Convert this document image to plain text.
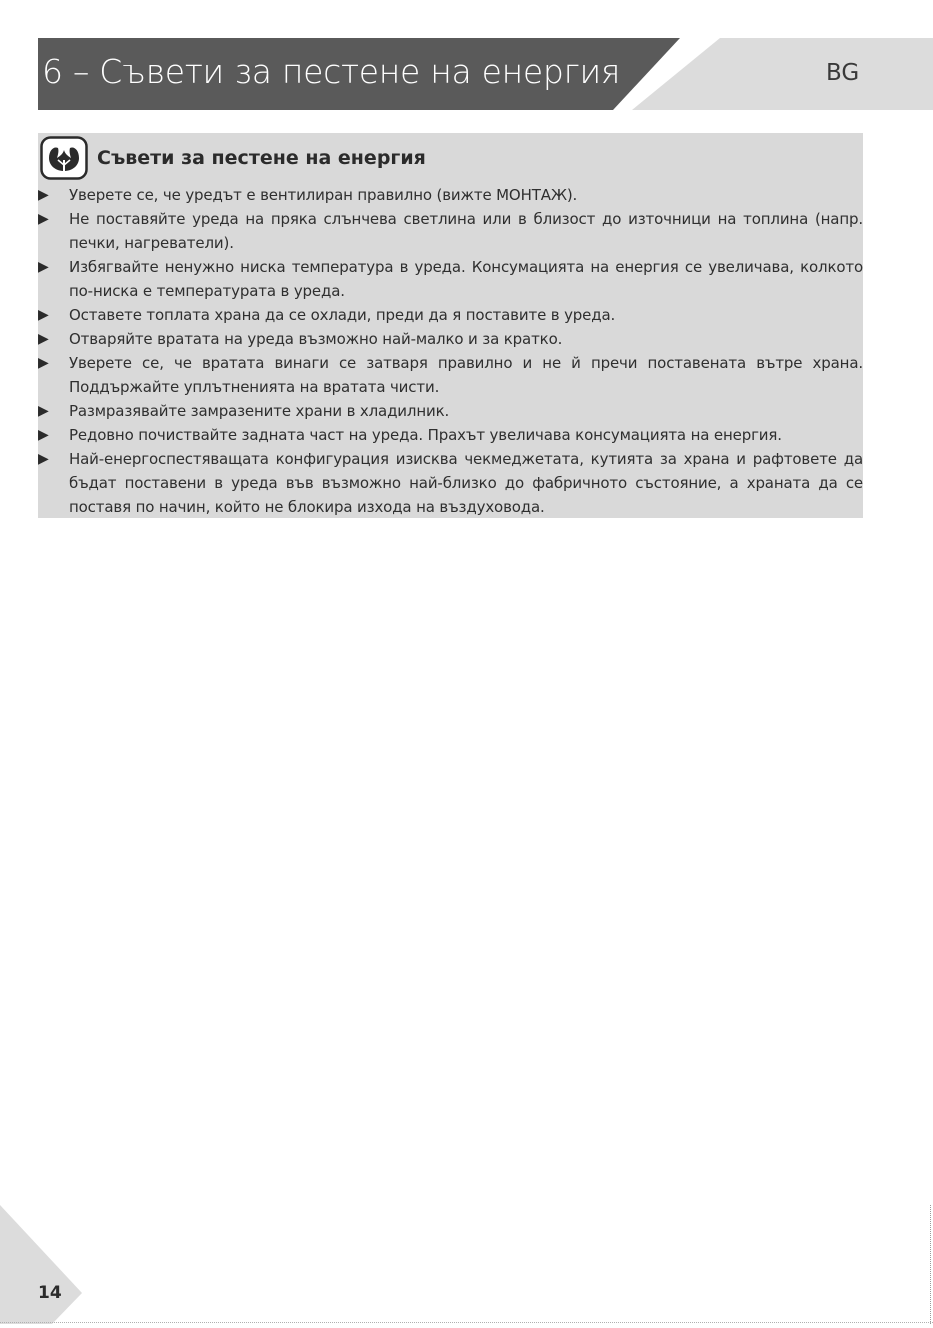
6 – Съвети за пестене на енергия	BG
Съвети за пестене на енергия
▶ Уверете се, че уредът е вентилиран правилно (вижте МОНТАЖ).
▶ Не поставяйте уреда на пряка слънчева светлина или в близост до източници на топлина (напр. печки, нагреватели).
▶ Избягвайте ненужно ниска температура в уреда. Консумацията на енергия се увеличава, колкото по-ниска е температурата в уреда.
▶ Оставете топлата храна да се охлади, преди да я поставите в уреда.
▶ Отваряйте вратата на уреда възможно най-малко и за кратко.
▶ Уверете се, че вратата винаги се затваря правилно и не й пречи поставената вътре храна. Поддържайте уплътненията на вратата чисти.
▶ Размразявайте замразените храни в хладилник.
▶ Редовно почиствайте задната част на уреда. Прахът увеличава консумацията на енергия.
▶ Най-енергоспестяващата конфигурация изисква чекмеджетата, кутията за храна и рафтовете да бъдат поставени в уреда във възможно най-близко до фабричното състояние, а храната да се поставя по начин, който не блокира изхода на въздуховода.
14
